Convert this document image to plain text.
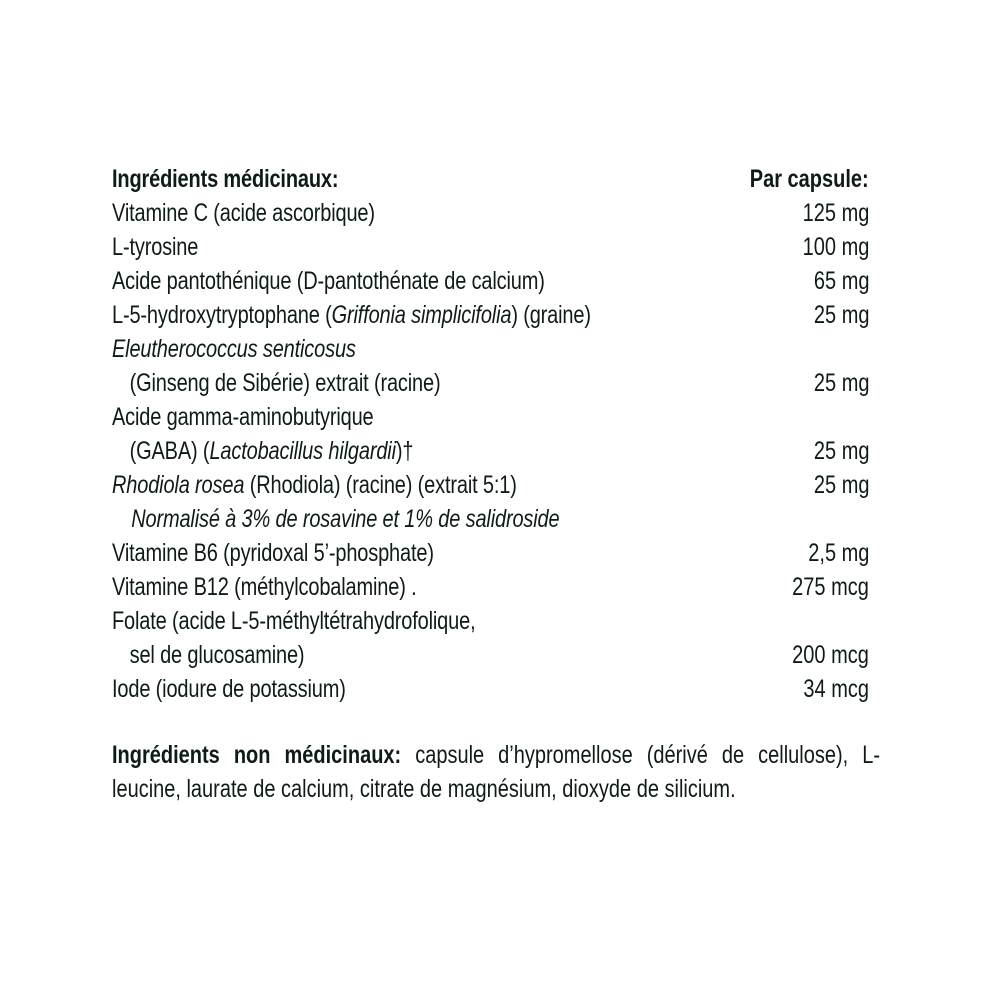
Ingrédients médicinaux:	Par capsule:
Vitamine C (acide ascorbique)	125 mg
L-tyrosine	100 mg
Acide pantothénique (D-pantothénate de calcium)	65 mg
L-5-hydroxytryptophane (Griffonia simplicifolia) (graine)	25 mg
Eleutherococcus senticosus
(Ginseng de Sibérie) extrait (racine)	25 mg
Acide gamma-aminobutyrique
(GABA) (Lactobacillus hilgardii)†	25 mg
Rhodiola rosea (Rhodiola) (racine) (extrait 5:1)	25 mg
Normalisé à 3% de rosavine et 1% de salidroside
Vitamine B6 (pyridoxal 5’-phosphate)	2,5 mg
Vitamine B12 (méthylcobalamine) .	275 mcg
Folate (acide L-5-méthyltétrahydrofolique,
sel de glucosamine)	200 mcg
Iode (iodure de potassium)	34 mcg
Ingrédients non médicinaux: capsule d’hypromellose (dérivé de cellulose), L-leucine, laurate de calcium, citrate de magnésium, dioxyde de silicium.
